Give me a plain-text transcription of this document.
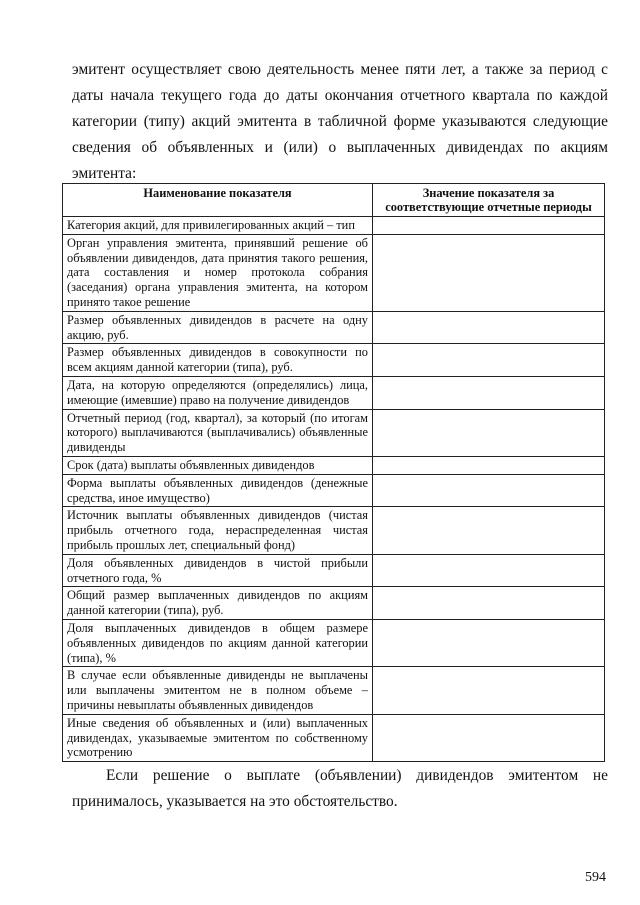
эмитент осуществляет свою деятельность менее пяти лет, а также за период с даты начала текущего года до даты окончания отчетного квартала по каждой категории (типу) акций эмитента в табличной форме указываются следующие сведения об объявленных и (или) о выплаченных дивидендах по акциям эмитента:

Наименование показателя	Значение показателя за соответствующие отчетные периоды
Категория акций, для привилегированных акций – тип	
Орган управления эмитента, принявший решение об объявлении дивидендов, дата принятия такого решения, дата составления и номер протокола собрания (заседания) органа управления эмитента, на котором принято такое решение	
Размер объявленных дивидендов в расчете на одну акцию, руб.	
Размер объявленных дивидендов в совокупности по всем акциям данной категории (типа), руб.	
Дата, на которую определяются (определялись) лица, имеющие (имевшие) право на получение дивидендов	
Отчетный период (год, квартал), за который (по итогам которого) выплачиваются (выплачивались) объявленные дивиденды	
Срок (дата) выплаты объявленных дивидендов	
Форма выплаты объявленных дивидендов (денежные средства, иное имущество)	
Источник выплаты объявленных дивидендов (чистая прибыль отчетного года, нераспределенная чистая прибыль прошлых лет, специальный фонд)	
Доля объявленных дивидендов в чистой прибыли отчетного года, %	
Общий размер выплаченных дивидендов по акциям данной категории (типа), руб.	
Доля выплаченных дивидендов в общем размере объявленных дивидендов по акциям данной категории (типа), %	
В случае если объявленные дивиденды не выплачены или выплачены эмитентом не в полном объеме – причины невыплаты объявленных дивидендов	
Иные сведения об объявленных и (или) выплаченных дивидендах, указываемые эмитентом по собственному усмотрению	

Если решение о выплате (объявлении) дивидендов эмитентом не принималось, указывается на это обстоятельство.

594
